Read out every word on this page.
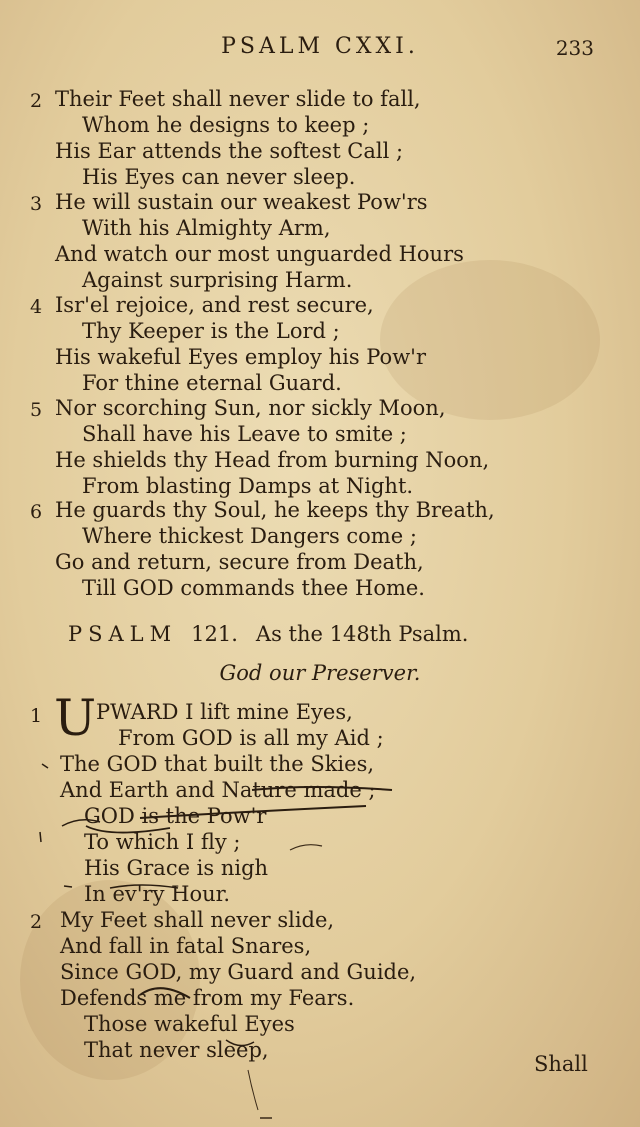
PSALM CXXI.	233
2 Their Feet shall never slide to fall,
Whom he designs to keep ;
His Ear attends the softest Call ;
His Eyes can never sleep.
3 He will sustain our weakest Pow'rs
With his Almighty Arm,
And watch our most unguarded Hours
Against surprising Harm.
4 Isr'el rejoice, and rest secure,
Thy Keeper is the Lord ;
His wakeful Eyes employ his Pow'r
For thine eternal Guard.
5 Nor scorching Sun, nor sickly Moon,
Shall have his Leave to smite ;
He shields thy Head from burning Noon,
From blasting Damps at Night.
6 He guards thy Soul, he keeps thy Breath,
Where thickest Dangers come ;
Go and return, secure from Death,
Till GOD commands thee Home.
PSALM 121. As the 148th Psalm.
God our Preserver.
1 U PWARD I lift mine Eyes,
From GOD is all my Aid ;
The GOD that built the Skies,
And Earth and Nature made ;
GOD is the Pow'r
To which I fly ;
His Grace is nigh
In ev'ry Hour.
2 My Feet shall never slide,
And fall in fatal Snares,
Since GOD, my Guard and Guide,
Defends me from my Fears.
Those wakeful Eyes
That never sleep,
Shall
